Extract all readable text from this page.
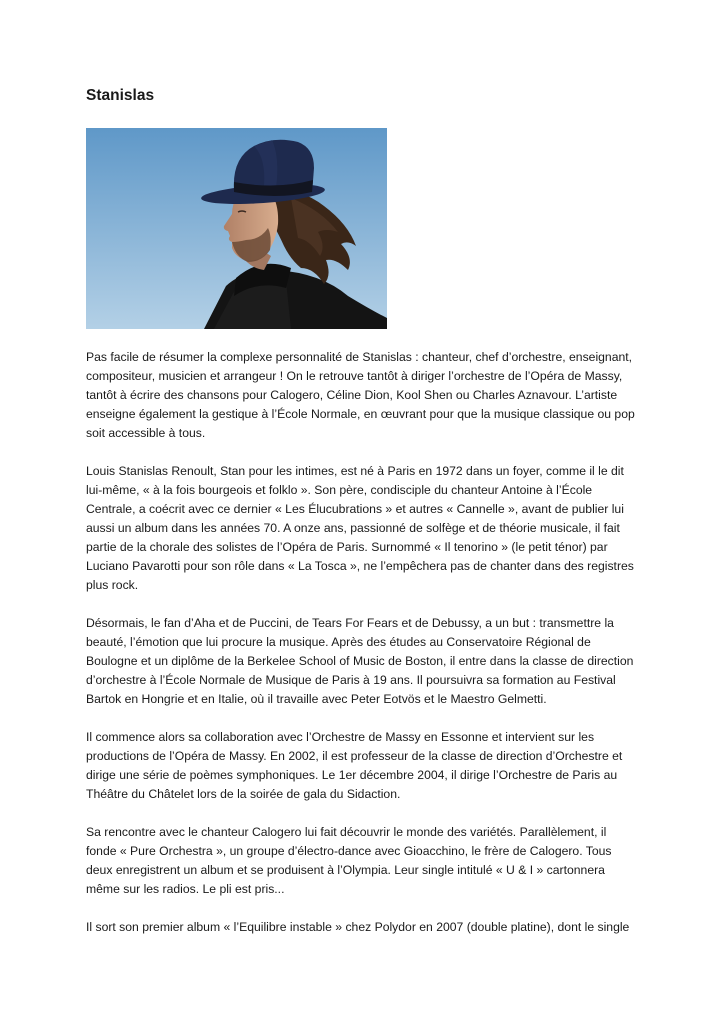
Stanislas

Pas facile de résumer la complexe personnalité de Stanislas : chanteur, chef d’orchestre, enseignant,
compositeur, musicien et arrangeur ! On le retrouve tantôt à diriger l’orchestre de l’Opéra de Massy,
tantôt à écrire des chansons pour Calogero, Céline Dion, Kool Shen ou Charles Aznavour. L’artiste
enseigne également la gestique à l’École Normale, en œuvrant pour que la musique classique ou pop
soit accessible à tous.

Louis Stanislas Renoult, Stan pour les intimes, est né à Paris en 1972 dans un foyer, comme il le dit
lui-même, « à la fois bourgeois et folklo ». Son père, condisciple du chanteur Antoine à l’École
Centrale, a coécrit avec ce dernier « Les Élucubrations » et autres « Cannelle », avant de publier lui
aussi un album dans les années 70. A onze ans, passionné de solfège et de théorie musicale, il fait
partie de la chorale des solistes de l’Opéra de Paris. Surnommé « Il tenorino » (le petit ténor) par
Luciano Pavarotti pour son rôle dans « La Tosca », ne l’empêchera pas de chanter dans des registres
plus rock.

Désormais, le fan d’Aha et de Puccini, de Tears For Fears et de Debussy, a un but : transmettre la
beauté, l’émotion que lui procure la musique. Après des études au Conservatoire Régional de
Boulogne et un diplôme de la Berkelee School of Music de Boston, il entre dans la classe de direction
d’orchestre à l’École Normale de Musique de Paris à 19 ans. Il poursuivra sa formation au Festival
Bartok en Hongrie et en Italie, où il travaille avec Peter Eotvös et le Maestro Gelmetti.

Il commence alors sa collaboration avec l’Orchestre de Massy en Essonne et intervient sur les
productions de l’Opéra de Massy. En 2002, il est professeur de la classe de direction d’Orchestre et
dirige une série de poèmes symphoniques. Le 1er décembre 2004, il dirige l’Orchestre de Paris au
Théâtre du Châtelet lors de la soirée de gala du Sidaction.

Sa rencontre avec le chanteur Calogero lui fait découvrir le monde des variétés. Parallèlement, il
fonde « Pure Orchestra », un groupe d’électro-dance avec Gioacchino, le frère de Calogero. Tous
deux enregistrent un album et se produisent à l’Olympia. Leur single intitulé « U & I » cartonnera
même sur les radios. Le pli est pris...

Il sort son premier album « l’Equilibre instable » chez Polydor en 2007 (double platine), dont le single
